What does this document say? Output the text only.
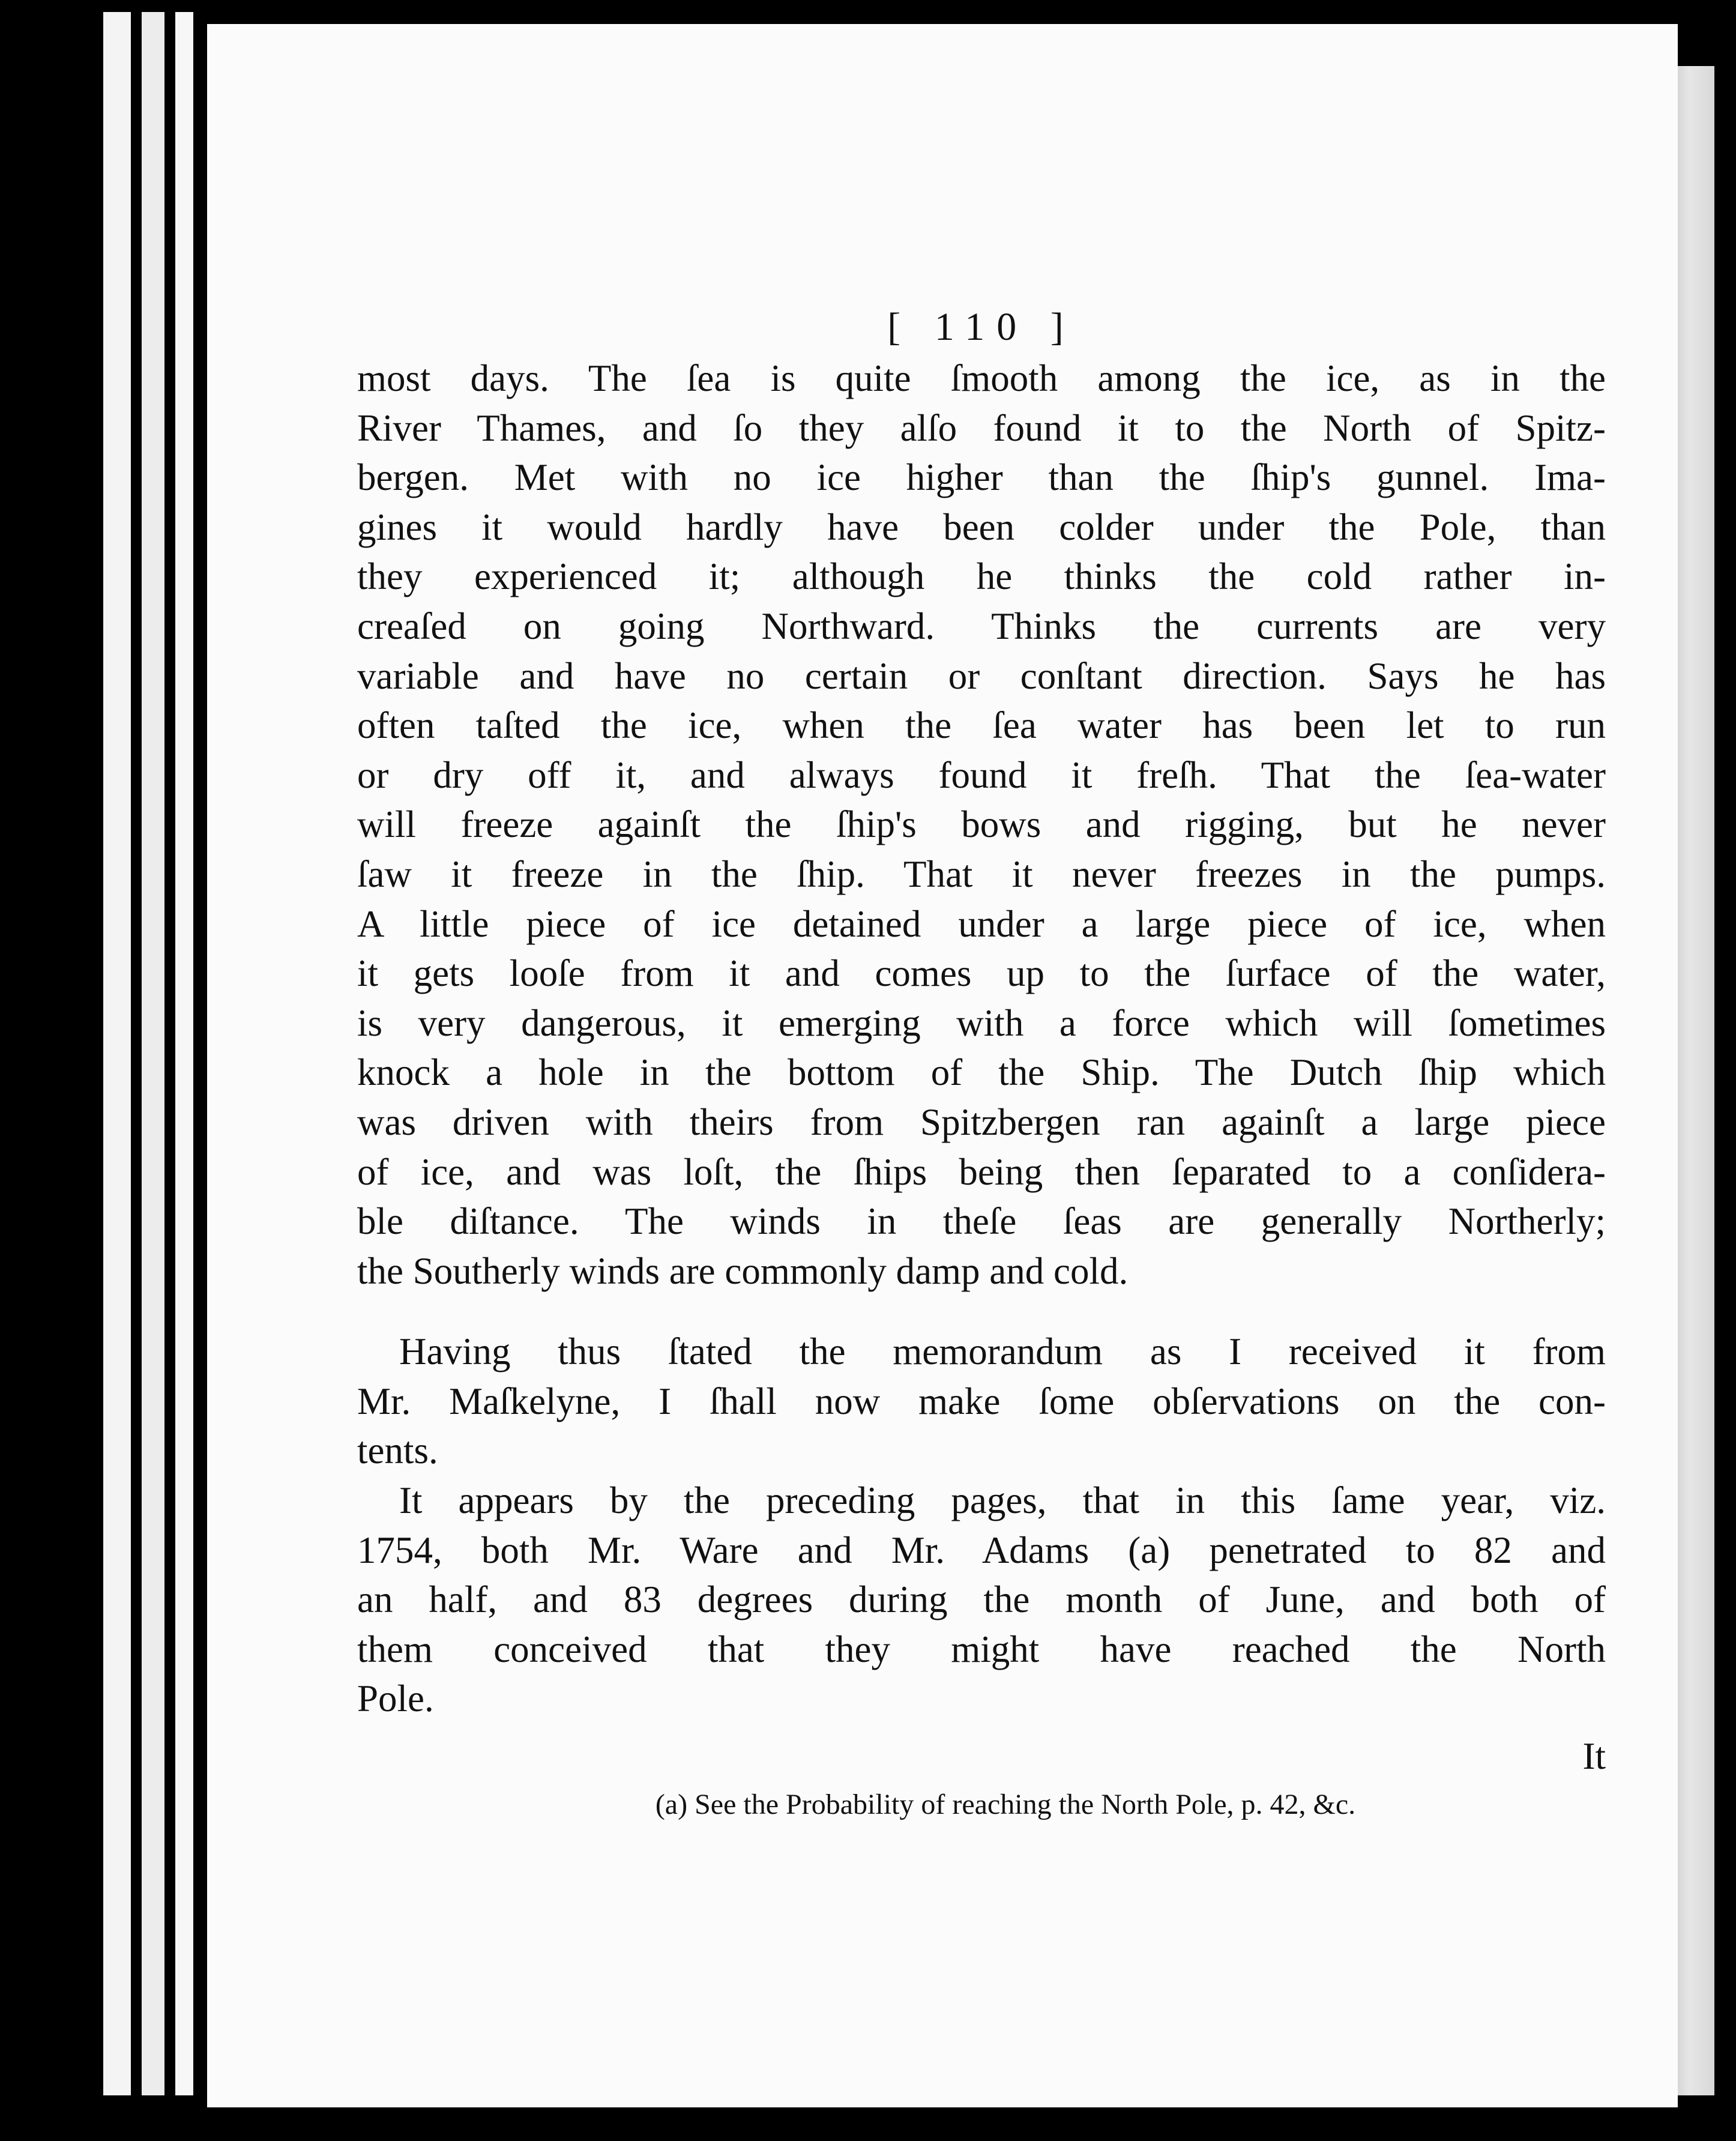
[ 110 ]
most days. The ſea is quite ſmooth among the ice, as in the
River Thames, and ſo they alſo found it to the North of Spitz-
bergen. Met with no ice higher than the ſhip's gunnel. Ima-
gines it would hardly have been colder under the Pole, than
they experienced it; although he thinks the cold rather in-
creaſed on going Northward. Thinks the currents are very
variable and have no certain or conſtant direction. Says he has
often taſted the ice, when the ſea water has been let to run
or dry off it, and always found it freſh. That the ſea-water
will freeze againſt the ſhip's bows and rigging, but he never
ſaw it freeze in the ſhip. That it never freezes in the pumps.
A little piece of ice detained under a large piece of ice, when
it gets looſe from it and comes up to the ſurface of the water,
is very dangerous, it emerging with a force which will ſometimes
knock a hole in the bottom of the Ship. The Dutch ſhip which
was driven with theirs from Spitzbergen ran againſt a large piece
of ice, and was loſt, the ſhips being then ſeparated to a conſidera-
ble diſtance. The winds in theſe ſeas are generally Northerly;
the Southerly winds are commonly damp and cold.
Having thus ſtated the memorandum as I received it from
Mr. Maſkelyne, I ſhall now make ſome obſervations on the con-
tents.
It appears by the preceding pages, that in this ſame year, viz.
1754, both Mr. Ware and Mr. Adams (a) penetrated to 82 and
an half, and 83 degrees during the month of June, and both of
them conceived that they might have reached the North
Pole.
It
(a) See the Probability of reaching the North Pole, p. 42, &c.
